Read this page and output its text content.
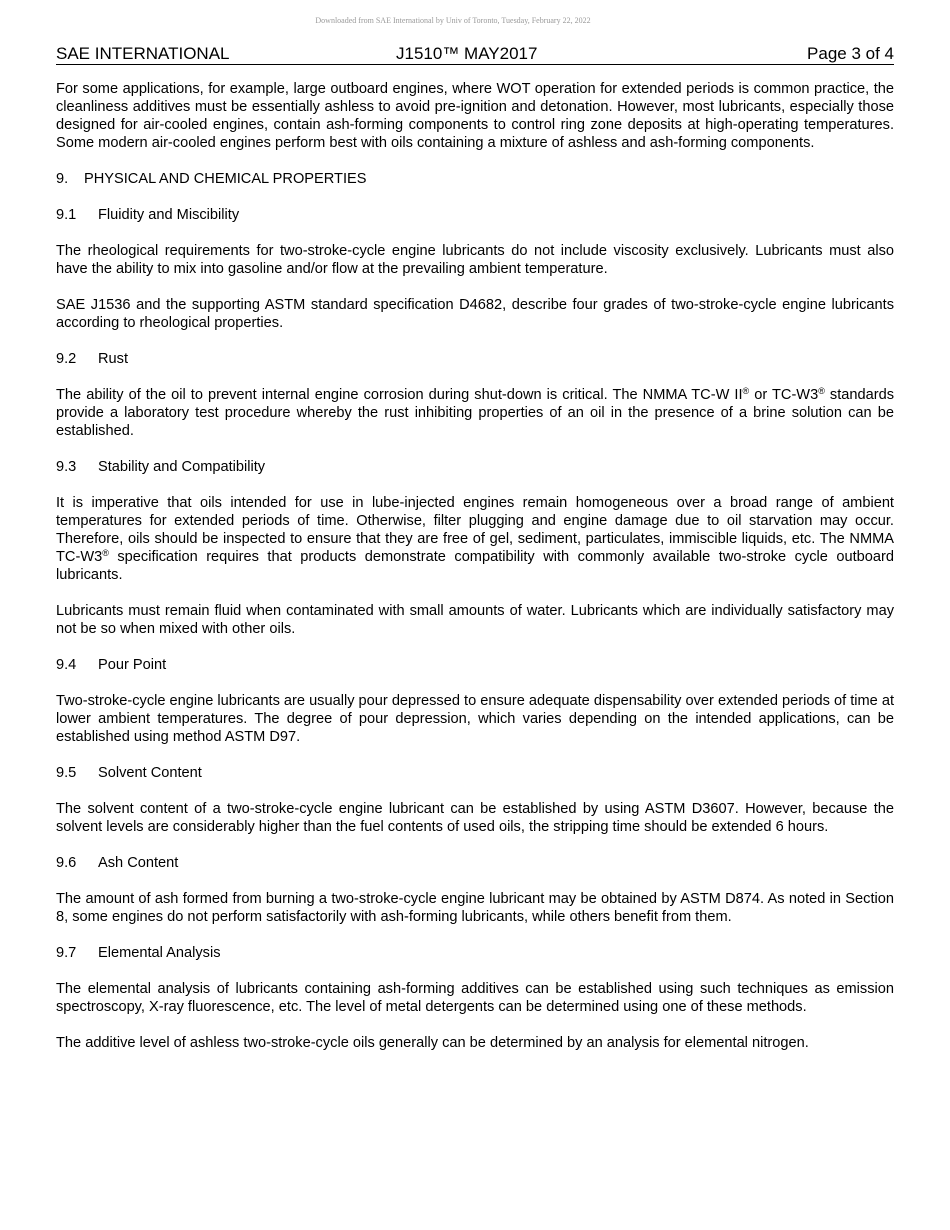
Downloaded from SAE International by Univ of Toronto, Tuesday, February 22, 2022
SAE INTERNATIONAL	J1510™ MAY2017	Page 3 of 4

For some applications, for example, large outboard engines, where WOT operation for extended periods is common practice, the cleanliness additives must be essentially ashless to avoid pre-ignition and detonation. However, most lubricants, especially those designed for air-cooled engines, contain ash-forming components to control ring zone deposits at high-operating temperatures. Some modern air-cooled engines perform best with oils containing a mixture of ashless and ash-forming components.

9. PHYSICAL AND CHEMICAL PROPERTIES
9.1 Fluidity and Miscibility

The rheological requirements for two-stroke-cycle engine lubricants do not include viscosity exclusively. Lubricants must also have the ability to mix into gasoline and/or flow at the prevailing ambient temperature.

SAE J1536 and the supporting ASTM standard specification D4682, describe four grades of two-stroke-cycle engine lubricants according to rheological properties.

9.2 Rust

The ability of the oil to prevent internal engine corrosion during shut-down is critical. The NMMA TC-W II® or TC-W3® standards provide a laboratory test procedure whereby the rust inhibiting properties of an oil in the presence of a brine solution can be established.

9.3 Stability and Compatibility

It is imperative that oils intended for use in lube-injected engines remain homogeneous over a broad range of ambient temperatures for extended periods of time. Otherwise, filter plugging and engine damage due to oil starvation may occur. Therefore, oils should be inspected to ensure that they are free of gel, sediment, particulates, immiscible liquids, etc. The NMMA TC-W3® specification requires that products demonstrate compatibility with commonly available two-stroke cycle outboard lubricants.

Lubricants must remain fluid when contaminated with small amounts of water. Lubricants which are individually satisfactory may not be so when mixed with other oils.

9.4 Pour Point

Two-stroke-cycle engine lubricants are usually pour depressed to ensure adequate dispensability over extended periods of time at lower ambient temperatures. The degree of pour depression, which varies depending on the intended applications, can be established using method ASTM D97.

9.5 Solvent Content

The solvent content of a two-stroke-cycle engine lubricant can be established by using ASTM D3607. However, because the solvent levels are considerably higher than the fuel contents of used oils, the stripping time should be extended 6 hours.

9.6 Ash Content

The amount of ash formed from burning a two-stroke-cycle engine lubricant may be obtained by ASTM D874. As noted in Section 8, some engines do not perform satisfactorily with ash-forming lubricants, while others benefit from them.

9.7 Elemental Analysis

The elemental analysis of lubricants containing ash-forming additives can be established using such techniques as emission spectroscopy, X-ray fluorescence, etc. The level of metal detergents can be determined using one of these methods.

The additive level of ashless two-stroke-cycle oils generally can be determined by an analysis for elemental nitrogen.
